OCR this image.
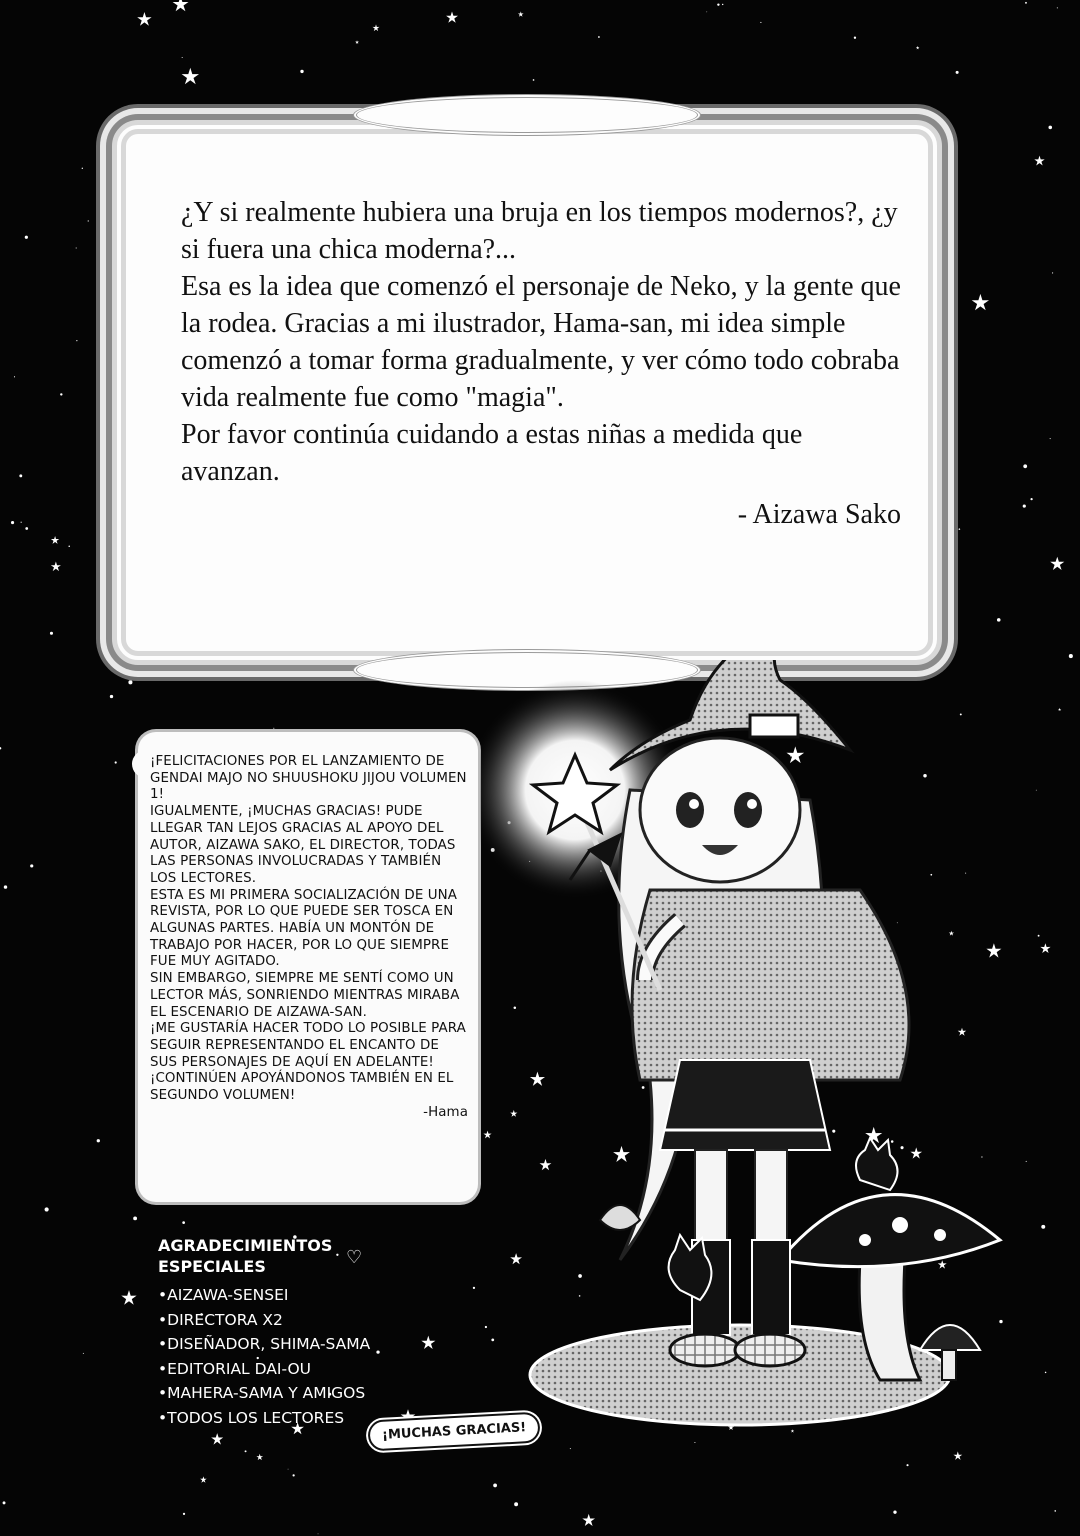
¿Y si realmente hubiera una bruja en los tiempos modernos?, ¿y si fuera una chica moderna?...

Esa es la idea que comenzó el personaje de Neko, y la gente que la rodea. Gracias a mi ilustrador, Hama-san, mi idea simple comenzó a tomar forma gradualmente, y ver cómo todo cobraba vida realmente fue como "magia".

Por favor continúa cuidando a estas niñas a medida que avanzan.

- Aizawa Sako

¡FELICITACIONES POR EL LANZAMIENTO DE GENDAI MAJO NO SHUUSHOKU JIJOU VOLUMEN 1!

IGUALMENTE, ¡MUCHAS GRACIAS! PUDE LLEGAR TAN LEJOS GRACIAS AL APOYO DEL AUTOR, AIZAWA SAKO, EL DIRECTOR, TODAS LAS PERSONAS INVOLUCRADAS Y TAMBIÉN LOS LECTORES.

ESTA ES MI PRIMERA SOCIALIZACIÓN DE UNA REVISTA, POR LO QUE PUEDE SER TOSCA EN ALGUNAS PARTES. HABÍA UN MONTÓN DE TRABAJO POR HACER, POR LO QUE SIEMPRE FUE MUY AGITADO.

SIN EMBARGO, SIEMPRE ME SENTÍ COMO UN LECTOR MÁS, SONRIENDO MIENTRAS MIRABA EL ESCENARIO DE AIZAWA-SAN.

¡ME GUSTARÍA HACER TODO LO POSIBLE PARA SEGUIR REPRESENTANDO EL ENCANTO DE SUS PERSONAJES DE AQUÍ EN ADELANTE!

¡CONTINÚEN APOYÁNDONOS TAMBIÉN EN EL SEGUNDO VOLUMEN!

-Hama

AGRADECIMIENTOS ESPECIALES	♡
•AIZAWA-SENSEI
•DIRECTORA X2
•DISEÑADOR, SHIMA-SAMA
•EDITORIAL DAI-OU
•MAHERA-SAMA Y AMIGOS
•TODOS LOS LECTORES
¡MUCHAS GRACIAS!
